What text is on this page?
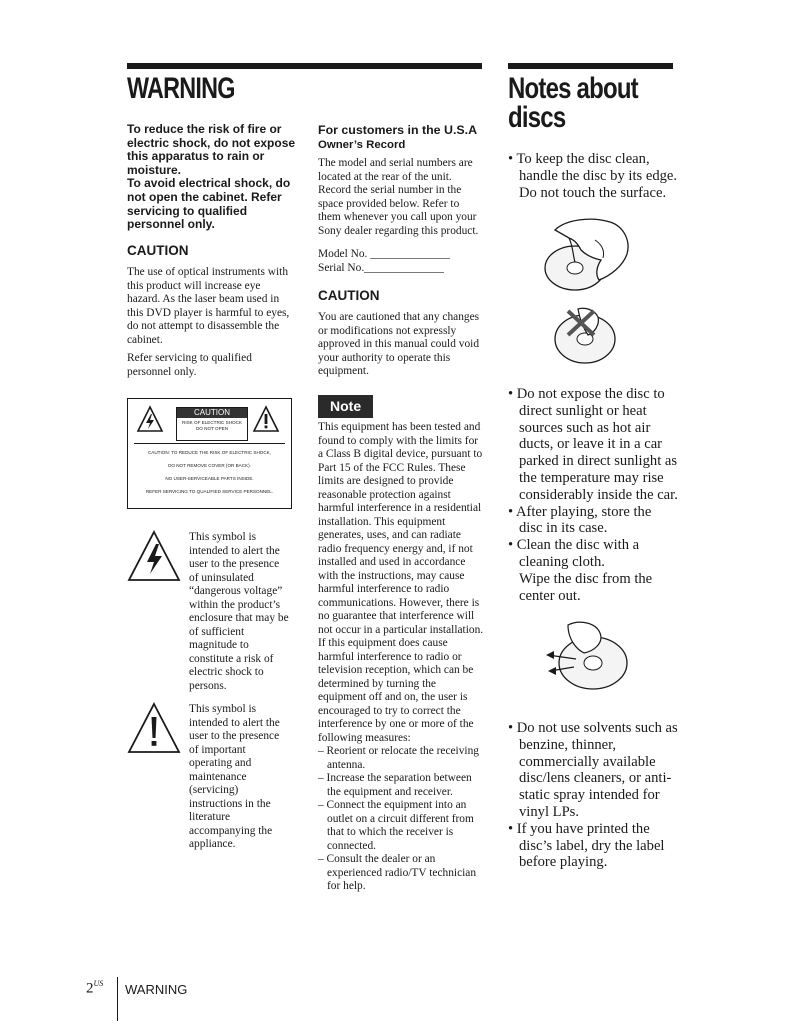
WARNING
To reduce the risk of fire or electric shock, do not expose this apparatus to rain or moisture.
To avoid electrical shock, do not open the cabinet. Refer servicing to qualified personnel only.
CAUTION

The use of optical instruments with this product will increase eye hazard. As the laser beam used in this DVD player is harmful to eyes, do not attempt to disassemble the cabinet.

Refer servicing to qualified personnel only.

CAUTION
RISK OF ELECTRIC SHOCK DO NOT OPEN
CAUTION: TO REDUCE THE RISK OF ELECTRIC SHOCK,
DO NOT REMOVE COVER (OR BACK).
NO USER-SERVICEABLE PARTS INSIDE.
REFER SERVICING TO QUALIFIED SERVICE PERSONNEL.
This symbol is intended to alert the user to the presence of uninsulated “dangerous voltage” within the product’s enclosure that may be of sufficient magnitude to constitute a risk of electric shock to persons.
This symbol is intended to alert the user to the presence of important operating and maintenance (servicing) instructions in the literature accompanying the appliance.
For customers in the U.S.A
Owner’s Record
The model and serial numbers are located at the rear of the unit. Record the serial number in the space provided below. Refer to them whenever you call upon your Sony dealer regarding this product.
Model No. ______________
Serial No.______________
CAUTION
You are cautioned that any changes or modifications not expressly approved in this manual could void your authority to operate this equipment.
Note
This equipment has been tested and found to comply with the limits for a Class B digital device, pursuant to Part 15 of the FCC Rules. These limits are designed to provide reasonable protection against harmful interference in a residential installation. This equipment generates, uses, and can radiate radio frequency energy and, if not installed and used in accordance with the instructions, may cause harmful interference to radio communications. However, there is no guarantee that interference will not occur in a particular installation. If this equipment does cause harmful interference to radio or television reception, which can be determined by turning the equipment off and on, the user is encouraged to try to correct the interference by one or more of the following measures:
– Reorient or relocate the receiving antenna.
– Increase the separation between the equipment and receiver.
– Connect the equipment into an outlet on a circuit different from that to which the receiver is connected.
– Consult the dealer or an experienced radio/TV technician for help.
Notes about
discs
• To keep the disc clean, handle the disc by its edge. Do not touch the surface.
• Do not expose the disc to direct sunlight or heat sources such as hot air ducts, or leave it in a car parked in direct sunlight as the temperature may rise considerably inside the car.
• After playing, store the disc in its case.
• Clean the disc with a cleaning cloth.
Wipe the disc from the center out.
• Do not use solvents such as benzine, thinner, commercially available disc/lens cleaners, or anti-static spray intended for vinyl LPs.
• If you have printed the disc’s label, dry the label before playing.
2$^{US}$ WARNING
